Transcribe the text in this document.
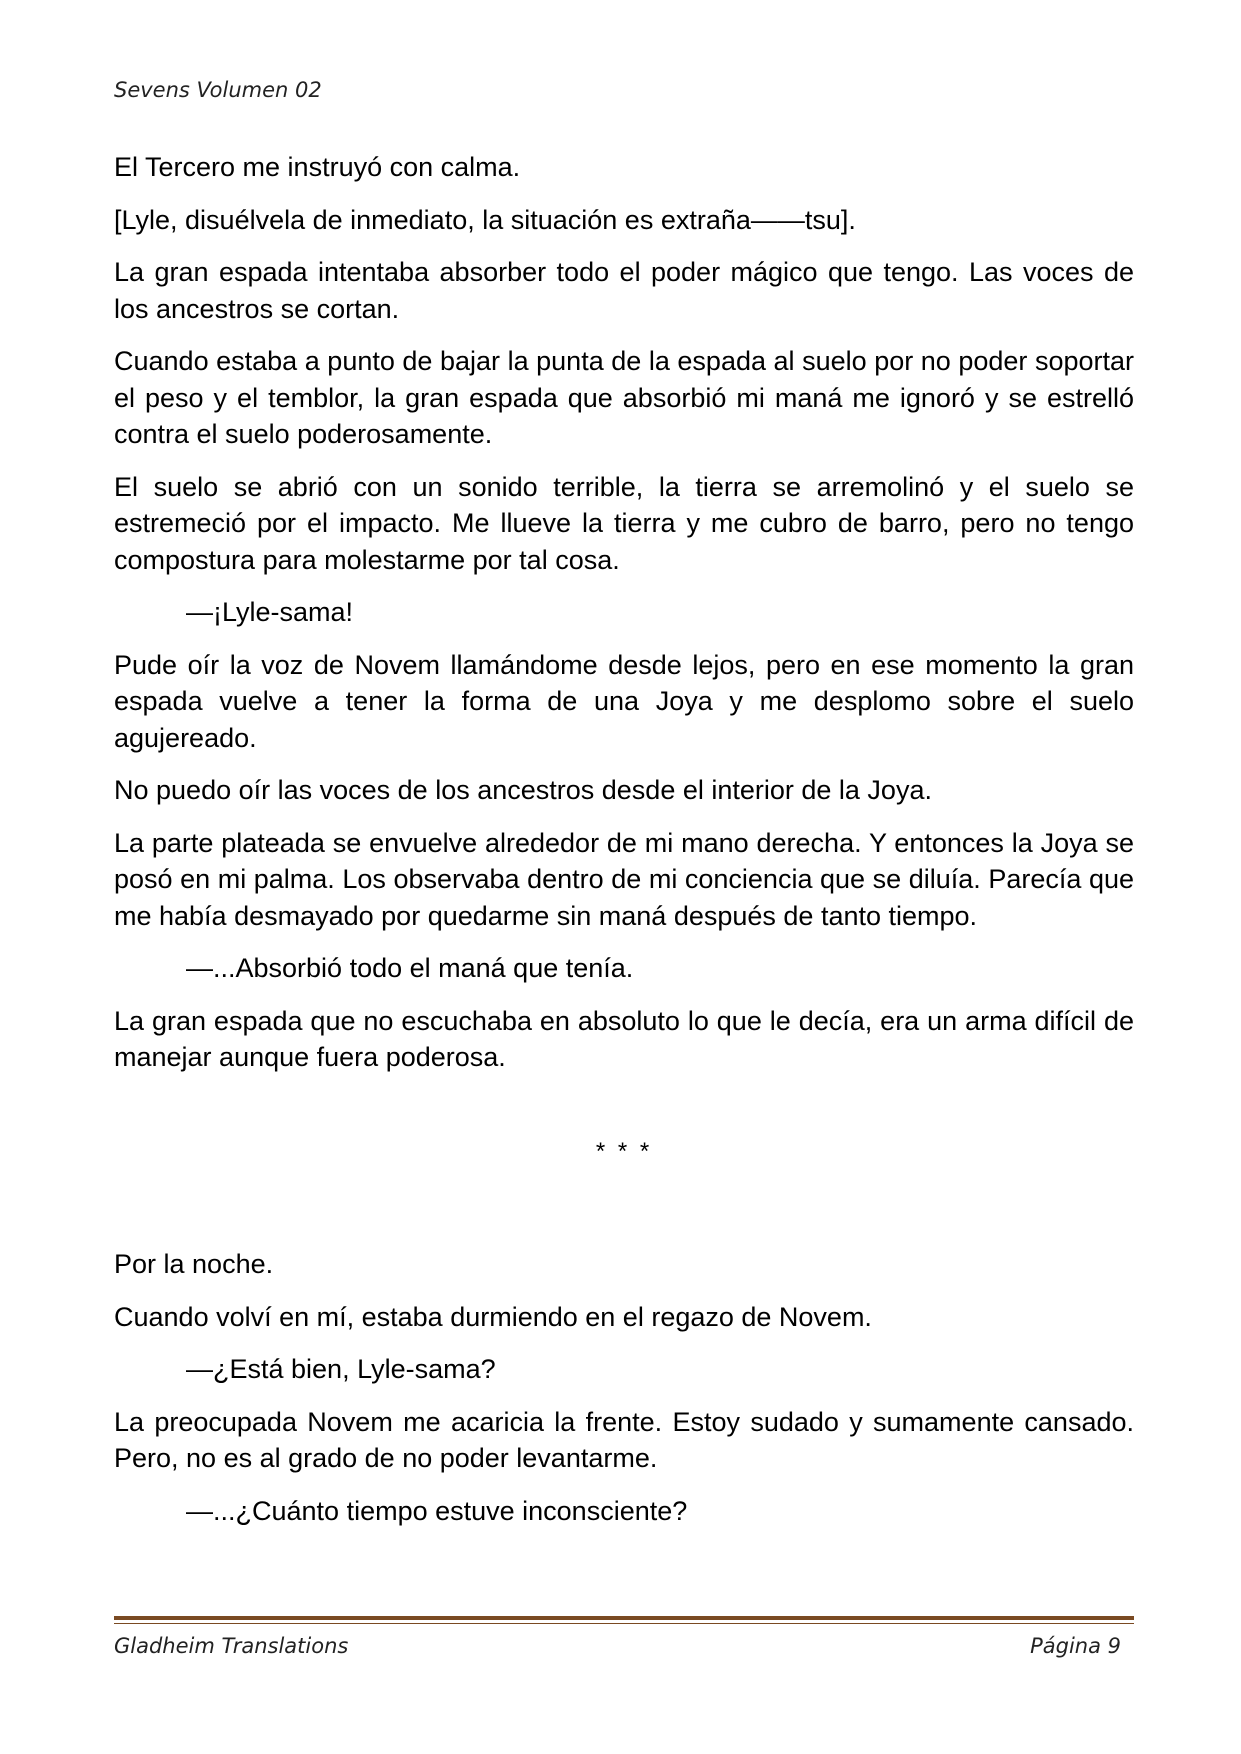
Sevens Volumen 02

El Tercero me instruyó con calma.

[Lyle, disuélvela de inmediato, la situación es extraña——tsu].

La gran espada intentaba absorber todo el poder mágico que tengo. Las voces de los ancestros se cortan.

Cuando estaba a punto de bajar la punta de la espada al suelo por no poder soportar el peso y el temblor, la gran espada que absorbió mi maná me ignoró y se estrelló contra el suelo poderosamente.

El suelo se abrió con un sonido terrible, la tierra se arremolinó y el suelo se estremeció por el impacto. Me llueve la tierra y me cubro de barro, pero no tengo compostura para molestarme por tal cosa.

—¡Lyle-sama!

Pude oír la voz de Novem llamándome desde lejos, pero en ese momento la gran espada vuelve a tener la forma de una Joya y me desplomo sobre el suelo agujereado.

No puedo oír las voces de los ancestros desde el interior de la Joya.

La parte plateada se envuelve alrededor de mi mano derecha. Y entonces la Joya se posó en mi palma. Los observaba dentro de mi conciencia que se diluía. Parecía que me había desmayado por quedarme sin maná después de tanto tiempo.

—...Absorbió todo el maná que tenía.

La gran espada que no escuchaba en absoluto lo que le decía, era un arma difícil de manejar aunque fuera poderosa.

* * *

Por la noche.

Cuando volví en mí, estaba durmiendo en el regazo de Novem.

—¿Está bien, Lyle-sama?

La preocupada Novem me acaricia la frente. Estoy sudado y sumamente cansado. Pero, no es al grado de no poder levantarme.

—...¿Cuánto tiempo estuve inconsciente?

Gladheim Translations	Página 9
